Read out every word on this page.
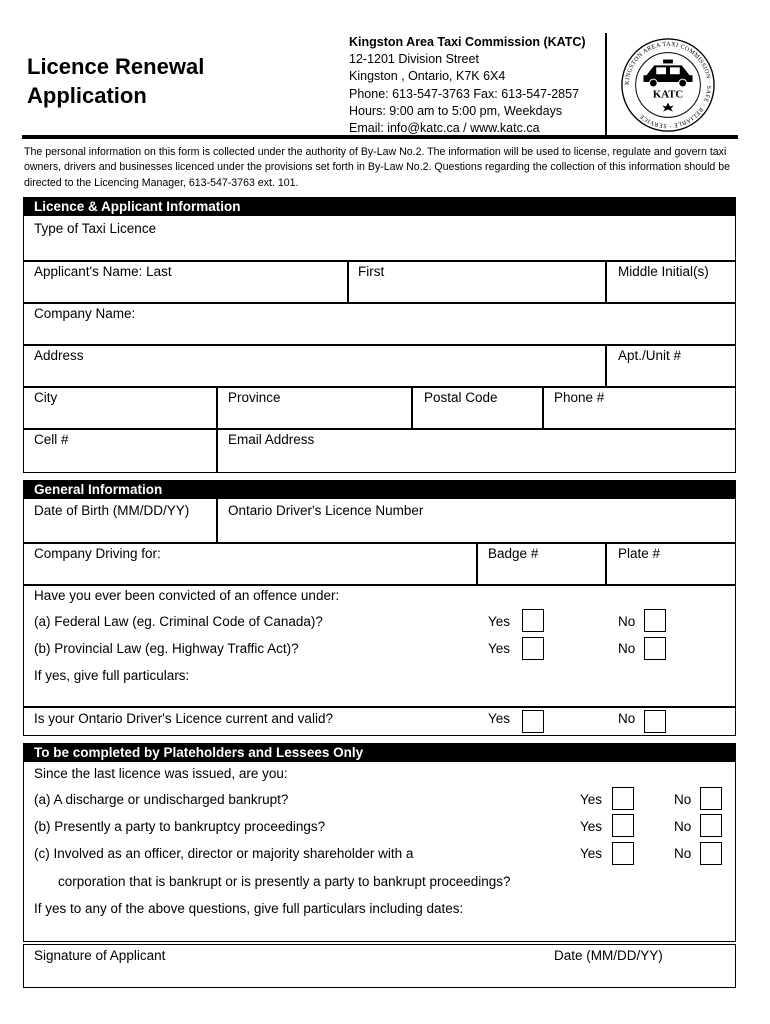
Licence Renewal
Application
Kingston Area Taxi Commission (KATC)
12-1201 Division Street
Kingston , Ontario, K7K 6X4
Phone: 613-547-3763 Fax: 613-547-2857
Hours: 9:00 am to 5:00 pm, Weekdays
Email: info@katc.ca / www.katc.ca
KINGSTON AREA TAXI COMMISSION · SAFE · RELIABLE · SERVICE
KATC
The personal information on this form is collected under the authority of By-Law No.2. The information will be used to license, regulate and govern taxi owners, drivers and businesses licenced under the provisions set forth in By-Law No.2. Questions regarding the collection of this information should be directed to the Licencing Manager, 613-547-3763 ext. 101.
Licence & Applicant Information
Type of Taxi Licence
Applicant's Name: Last	First	Middle Initial(s)
Company Name:
Address	Apt./Unit #
City	Province	Postal Code	Phone #
Cell #	Email Address
General Information
Date of Birth (MM/DD/YY)	Ontario Driver's Licence Number
Company Driving for:	Badge #	Plate #
Have you ever been convicted of an offence under:
(a) Federal Law (eg. Criminal Code of Canada)?	Yes	No
(b) Provincial Law (eg. Highway Traffic Act)?	Yes	No
If yes, give full particulars:
Is your Ontario Driver's Licence current and valid?	Yes	No
To be completed by Plateholders and Lessees Only
Since the last licence was issued, are you:
(a) A discharge or undischarged bankrupt?	Yes	No
(b) Presently a party to bankruptcy proceedings?	Yes	No
(c) Involved as an officer, director or majority shareholder with a	Yes	No
corporation that is bankrupt or is presently a party to bankrupt proceedings?
If yes to any of the above questions, give full particulars including dates:
Signature of Applicant	Date (MM/DD/YY)
